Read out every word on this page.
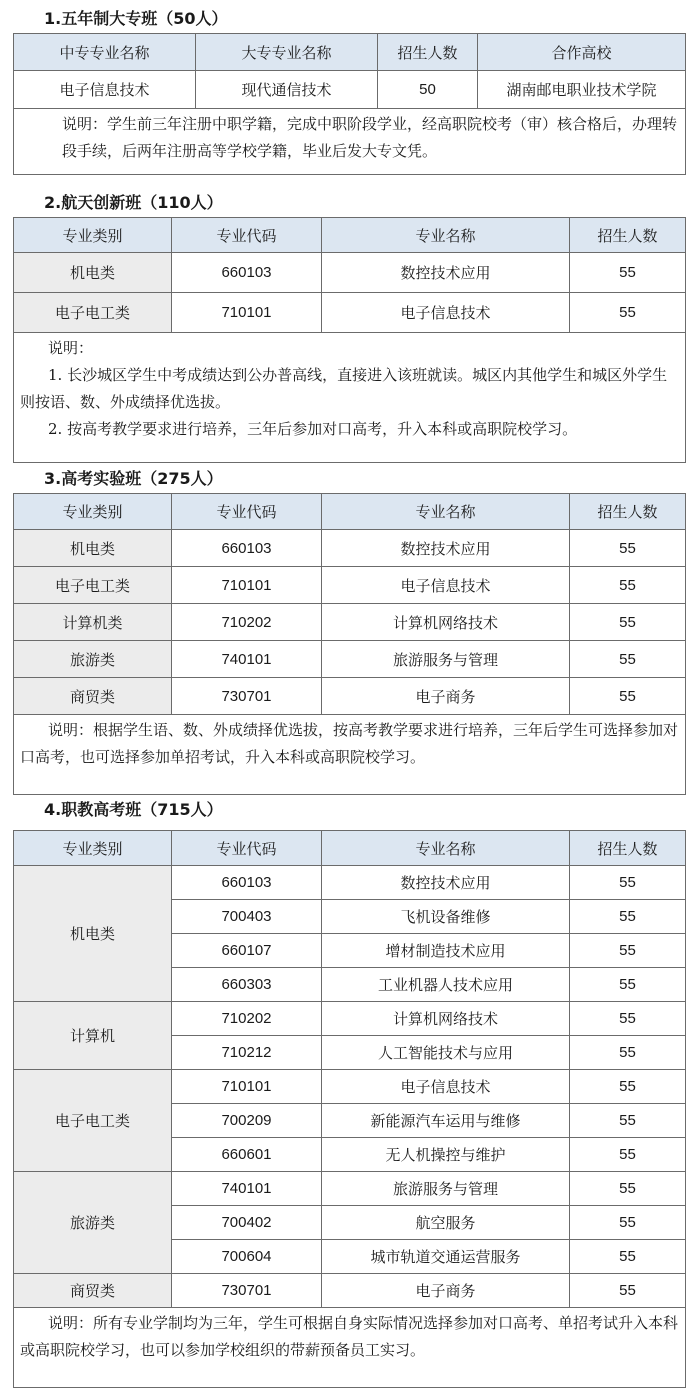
1.五年制大专班（50人）
中专专业名称	大专专业名称	招生人数	合作高校
电子信息技术	现代通信技术	50	湖南邮电职业技术学院

说明：学生前三年注册中职学籍，完成中职阶段学业，经高职院校考（审）核合格后，办理转段手续，后两年注册高等学校学籍，毕业后发大专文凭。			
2.航天创新班（110人）
专业类别	专业代码	专业名称	招生人数
机电类	660103	数控技术应用	55
电子电工类	710101	电子信息技术	55

说明：
1. 长沙城区学生中考成绩达到公办普高线，直接进入该班就读。城区内其他学生和城区外学生则按语、数、外成绩择优选拔。
2. 按高考教学要求进行培养，三年后参加对口高考，升入本科或高职院校学习。			
3.高考实验班（275人）
专业类别	专业代码	专业名称	招生人数
机电类	660103	数控技术应用	55
电子电工类	710101	电子信息技术	55
计算机类	710202	计算机网络技术	55
旅游类	740101	旅游服务与管理	55
商贸类	730701	电子商务	55

说明：根据学生语、数、外成绩择优选拔，按高考教学要求进行培养，三年后学生可选择参加对口高考，也可选择参加单招考试，升入本科或高职院校学习。			
4.职教高考班（715人）
专业类别	专业代码	专业名称	招生人数
机电类	660103	数控技术应用	55
	700403	飞机设备维修	55
	660107	增材制造技术应用	55
	660303	工业机器人技术应用	55
计算机	710202	计算机网络技术	55
	710212	人工智能技术与应用	55
电子电工类	710101	电子信息技术	55
	700209	新能源汽车运用与维修	55
	660601	无人机操控与维护	55
旅游类	740101	旅游服务与管理	55
	700402	航空服务	55
	700604	城市轨道交通运营服务	55
商贸类	730701	电子商务	55

说明：所有专业学制均为三年，学生可根据自身实际情况选择参加对口高考、单招考试升入本科或高职院校学习，也可以参加学校组织的带薪预备员工实习。			
